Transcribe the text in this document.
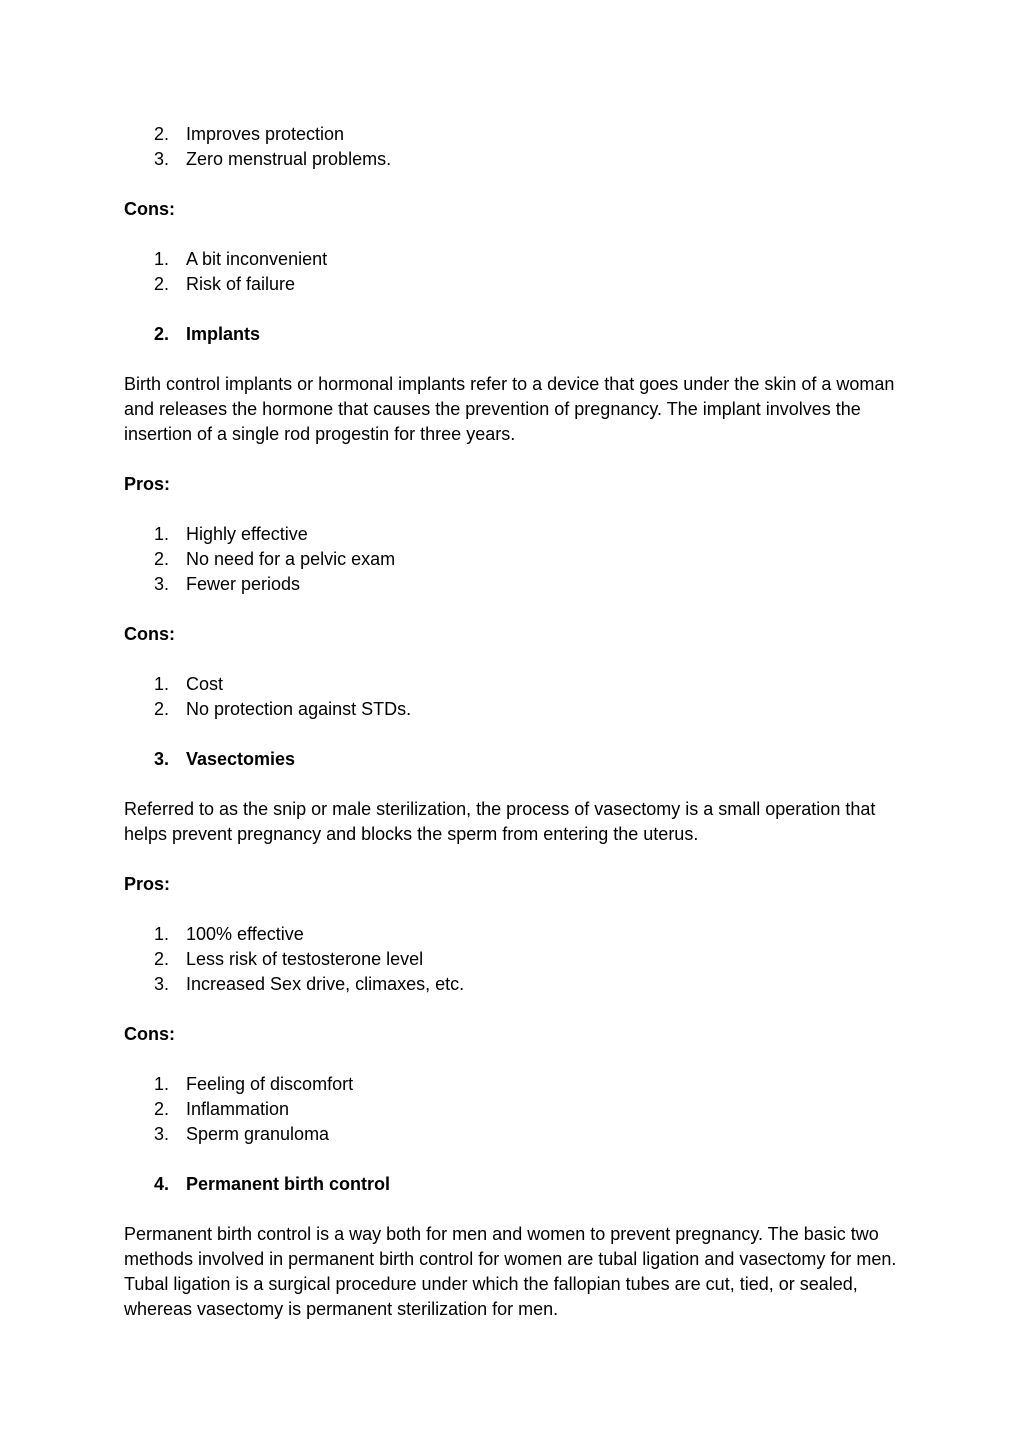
2. Improves protection
3. Zero menstrual problems.
Cons:
1. A bit inconvenient
2. Risk of failure
2. Implants
Birth control implants or hormonal implants refer to a device that goes under the skin of a woman and releases the hormone that causes the prevention of pregnancy. The implant involves the insertion of a single rod progestin for three years.
Pros:
1. Highly effective
2. No need for a pelvic exam
3. Fewer periods
Cons:
1. Cost
2. No protection against STDs.
3. Vasectomies
Referred to as the snip or male sterilization, the process of vasectomy is a small operation that helps prevent pregnancy and blocks the sperm from entering the uterus.
Pros:
1. 100% effective
2. Less risk of testosterone level
3. Increased Sex drive, climaxes, etc.
Cons:
1. Feeling of discomfort
2. Inflammation
3. Sperm granuloma
4. Permanent birth control
Permanent birth control is a way both for men and women to prevent pregnancy. The basic two methods involved in permanent birth control for women are tubal ligation and vasectomy for men. Tubal ligation is a surgical procedure under which the fallopian tubes are cut, tied, or sealed, whereas vasectomy is permanent sterilization for men.
